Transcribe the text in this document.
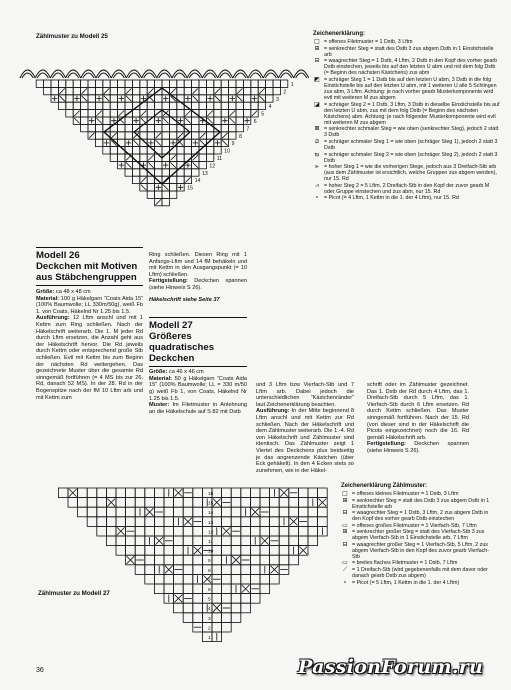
Zählmuster zu Modell 25
1
2
3
4
5
6
7
8
9
10
11
12
13
14
15
Zeichenerklärung:
□ = offenes Filetmuster = 1 Dstb, 3 Lftm
⊞ = senkrechter Steg = statt des Dstb 3 zus abgem Dstb in 1 Einstichstelle arb
⊟ = waagrechter Steg = 1 Dstb, 4 Lftm, 2 Dstb in den Kopf des vorher gearb Dstb einstechen, jeweils bis auf den letzten U abm und mit dem folg Dstb (= Beginn des nächsten Kästchens) zus abm
◩ = schräger Steg 1 = 1 Dstb bis auf den letzten U abm, 3 Dstb in die folg Einstichstelle bis auf den letzten U abm, mit 1 weiteren U alle 5 Schlingen zus abm, 3 Lftm. Achtung: je nach vorher gearb Musterkomponente wird evtl mit weiteren M zus abgem
◪ = schräger Steg 2 = 1 Dstb, 3 Lftm, 3 Dstb in dieselbe Einstichstelle bis auf den letzten U abm, zus mit dem folg Dstb (= Beginn des nächsten Kästchens) abm. Achtung: je nach folgender Musterkomponente wird evtl mit weiteren M zus abgem
⊠ = senkrechter schmaler Steg = wie oben (senkrechter Steg), jedoch 2 statt 3 Dstb
⧄ = schräger schmaler Steg 1 = wie oben (schräger Steg 1), jedoch 2 statt 3 Dstb
⧅ = schräger schmaler Steg 2 = wie oben (schräger Steg 2), jedoch 2 statt 3 Dstb
⫸	= hoher Steg 1 = wie die vorherigen Stege, jedoch aus 3 Dreifach-Stb arb (aus dem Zählmuster ist ersichtlich, welche Gruppen zus abgem werden), nur 15. Rd
⩘	= hoher Steg 2 = 5 Lftm, 2 Dreifach-Stb in den Kopf der zuvor gearb M oder Gruppe einstechen und zus abm, nur 15. Rd
∘ = Picot (= 4 Lftm, 1 Kettm in die 1. der 4 Lftm), nur 15. Rd
Modell 26
Deckchen mit Motiven
aus Stäbchengruppen
Größe: ca 48 x 48 cm
Material: 100 g Häkelgarn “Coats Aida 15” (100% Baumwolle; LL 330m/50g), weiß Fb 1. von Coats, Häkelnd Nr 1.25 bis 1.5.
Ausführung: 12 Lftm anschl und mit 1 Kettm zum Ring schließen. Nach der Häkelschrift weiterarb. Die 1. M jeder Rd durch Lftm ersetzen, die Anzahl geht aus der Häkelschrift hervor. Die Rd jeweils durch Kettm oder entsprechend große Stb schließen. Evtl mit Kettm bis zum Beginn der nächsten Rd weitergehen. Das gezeichnete Muster über die gesamte Rd sinngemäß fortführen (= 4 MS bis zur 26. Rd, danach 52 MS). In der 28. Rd in der Bogenspitze nach der fM 10 Lftm arb und mit Kettm zum
Ring schließen. Diesen Ring mit 1 Anfangs-Lftm und 14 fM behäkeln und mit Kettm in den Ausgangspunkt (= 10 Lftm) schließen.
Fertigstellung: Deckchen spannen (siehe Hinweis S 26).
Häkelschrift siehe Seite 37
Modell 27
Größeres
quadratisches
Deckchen
Größe: ca 46 x 46 cm
Material: 50 g Häkelgarn “Coats Aida 15” (100% Baumwolle; LL = 330 m/50 g) weiß Fb 1, von Coats, Häkelnd Nr 1.25 bis 1.5.
Muster: Im Filetmuster in Anlehnung an die Häkelschule auf S 82 mit Dstb
und 3 Lftm bzw Vierfach-Stb und 7 Lftm arb. Dabei jedoch die unterschiedlichen “Kästchenränder” laut Zeichenerklärung beachten.
Ausführung: In der Mitte beginnend 8 Lftm anschl und mit Kettm zur Rd schließen. Nach der Häkelschrift und dem Zählmuster weiterarb. Die 1.-4. Rd von Häkelschrift und Zählmuster sind identisch. Das Zählmuster zeigt 1 Viertel des Deckchens plus beidseitig je das angrenzende Kästchen (über Eck gehäkelt). In den 4 Ecken stets so zunehmen, wie in der Häkel-
schrift oder im Zählmuster gezeichnet. Das 1. Dstb der Rd durch 4 Lftm, das 1. Dreifach-Stb durch 5 Lftm, das 1. Vierfach-Stb durch 6 Lftm ersetzen. Rd durch Kettm schließen. Das Muster sinngemäß fortführen. Nach der 15. Rd (von dieser sind in der Häkelschrift die Picots eingezeichnet) noch die 16. Rd gemäß Häkelschrift arb.
Fertigstellung: Deckchen spannen (siehe Hinweis S 26).
Zeichenerklärung Zählmuster:
□ = offenes kleines Filetmuster = 1 Dstb, 3 Lftm
⊞ = senkrechter Steg = statt des Dstb 3 zus abgem Dstb in 1 Einstichstelle arb
⊟ = waagrechter Steg = 1 Dstb, 3 Lftm, 2 zus abgem Dstb in den Kopf des vorher gearb Dstb einstechen
▭ = offenes großes Filetmuster = 1 Vierfach-Stb, 7 Lftm
⊞ = senkrechter großer Steg = statt des Vierfach-Stb 3 zus abgem Vierfach-Stb in 1 Einstichstelle arb, 7 Lftm
⊟ = waagrechter großer Steg = 1 Vierfach-Stb, 5 Lftm, 2 zus abgem Vierfach-Stb in den Kopf des zuvor gearb Vierfach-Stb
▭ = breites flaches Filetmuster = 1 Dstb, 7 Lftm
⟋ = 1 Dreifach-Stb (wird gegebenenfalls mit dem davor oder danach gearb Dstb zus abgem)
∘ = Picot (= 5 Lftm, 1 Kettm in die 1. der 4 Lftm)
16
15
14
13
12
11
10
9
8
7
6
5
4
3
2
1
Zählmuster zu Modell 27
36	PassionForum.ru
